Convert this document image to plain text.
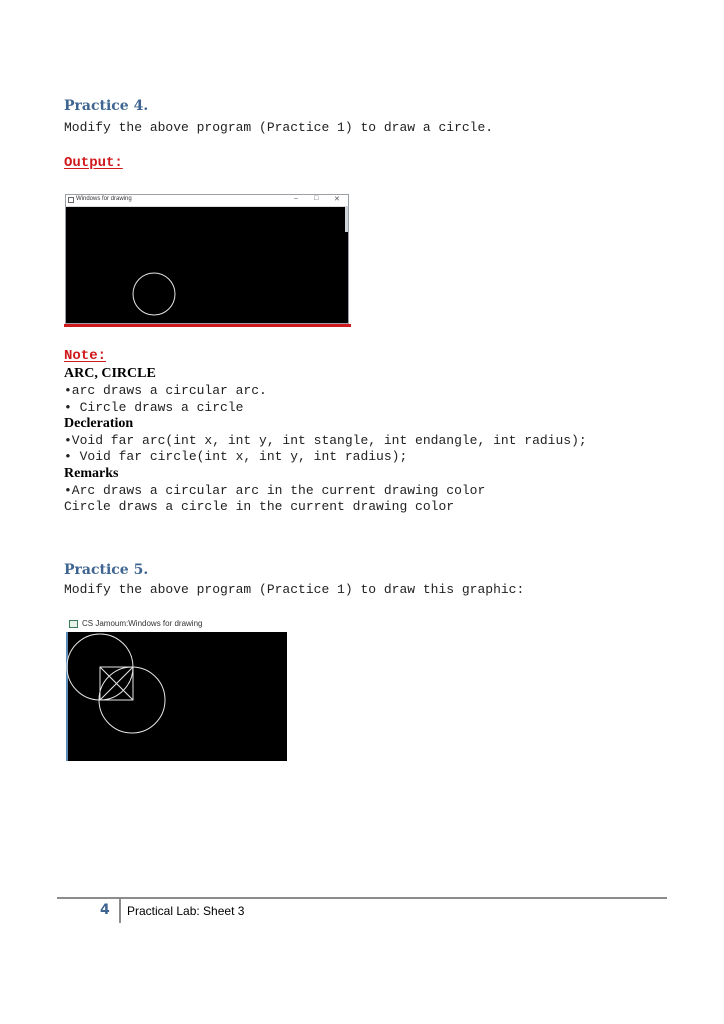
Practice 4.
Modify the above program (Practice 1) to draw a circle.
Output:
Windows for drawing	– □ ✕
Note:
ARC, CIRCLE
•arc draws a circular arc.
• Circle draws a circle
Decleration
•Void far arc(int x, int y, int stangle, int endangle, int radius);
• Void far circle(int x, int y, int radius);
Remarks
•Arc draws a circular arc in the current drawing color
Circle draws a circle in the current drawing color
Practice 5.
Modify the above program (Practice 1) to draw this graphic:
CS Jamoum:Windows for drawing
4 Practical Lab: Sheet 3
